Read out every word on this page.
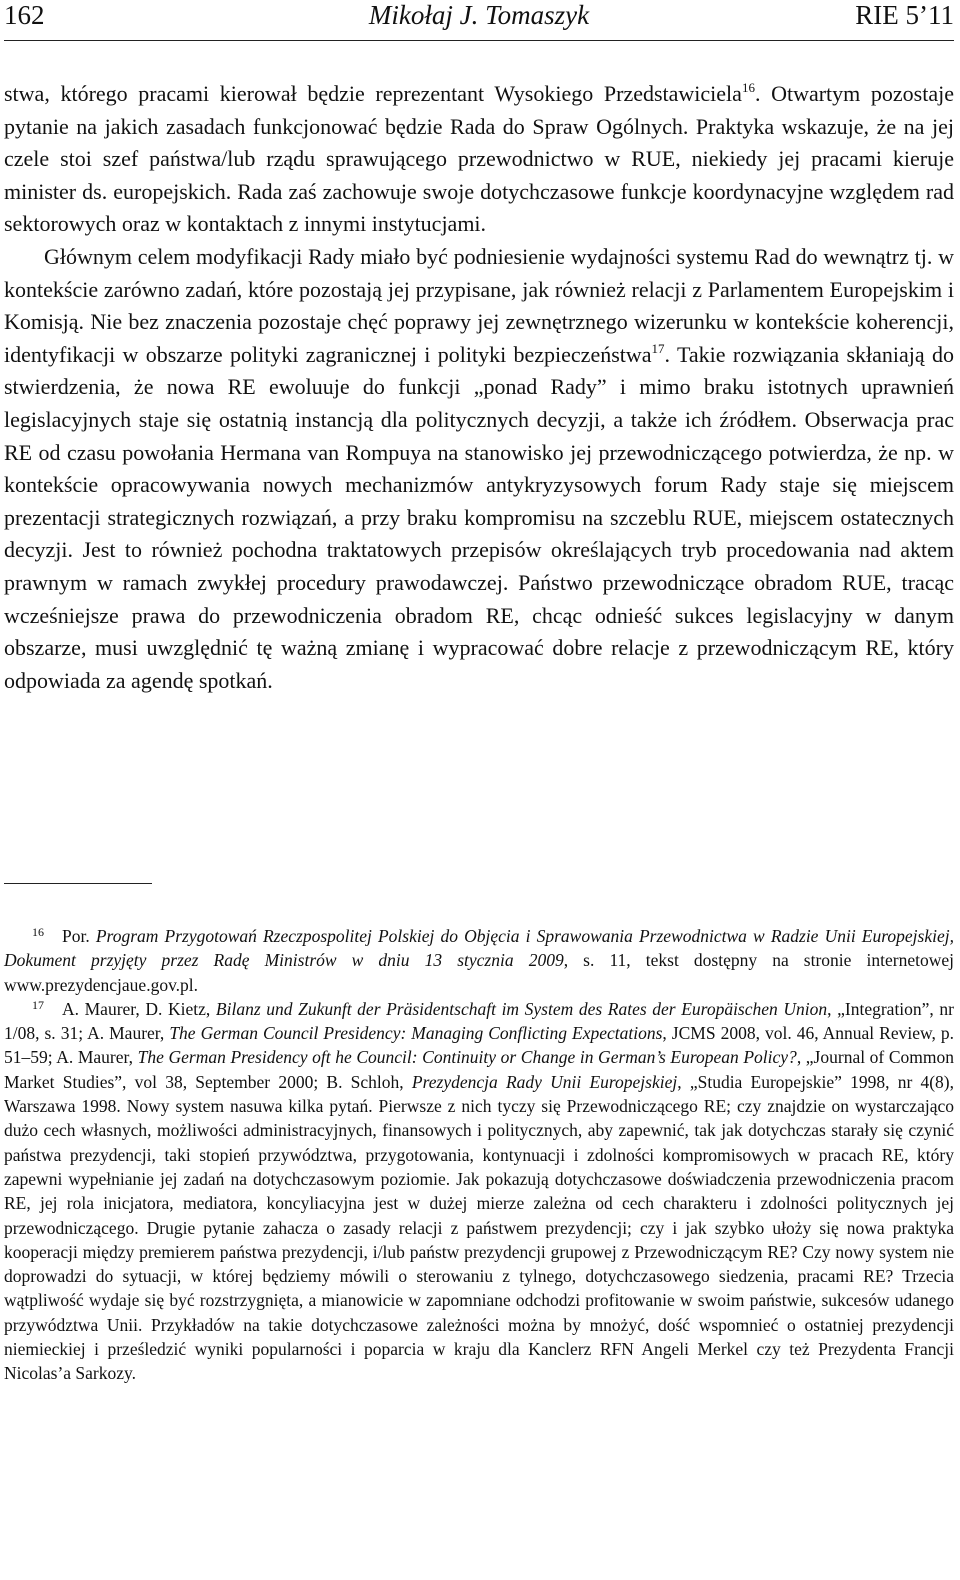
162	Mikołaj J. Tomaszyk	RIE 5’11

stwa, którego pracami kierował będzie reprezentant Wysokiego Przedstawiciela$^{16}$. Otwartym pozostaje pytanie na jakich zasadach funkcjonować będzie Rada do Spraw Ogólnych. Praktyka wskazuje, że na jej czele stoi szef państwa/lub rządu sprawującego przewodnictwo w RUE, niekiedy jej pracami kieruje minister ds. europejskich. Rada zaś zachowuje swoje dotychczasowe funkcje koordynacyjne względem rad sektorowych oraz w kontaktach z innymi instytucjami.

Głównym celem modyfikacji Rady miało być podniesienie wydajności systemu Rad do wewnątrz tj. w kontekście zarówno zadań, które pozostają jej przypisane, jak również relacji z Parlamentem Europejskim i Komisją. Nie bez znaczenia pozostaje chęć poprawy jej zewnętrznego wizerunku w kontekście koherencji, identyfikacji w obszarze polityki zagranicznej i polityki bezpieczeństwa$^{17}$. Takie rozwiązania skłaniają do stwierdzenia, że nowa RE ewoluuje do funkcji „ponad Rady” i mimo braku istotnych uprawnień legislacyjnych staje się ostatnią instancją dla politycznych decyzji, a także ich źródłem. Obserwacja prac RE od czasu powołania Hermana van Rompuya na stanowisko jej przewodniczącego potwierdza, że np. w kontekście opracowywania nowych mechanizmów antykryzysowych forum Rady staje się miejscem prezentacji strategicznych rozwiązań, a przy braku kompromisu na szczeblu RUE, miejscem ostatecznych decyzji. Jest to również pochodna traktatowych przepisów określających tryb procedowania nad aktem prawnym w ramach zwykłej procedury prawodawczej. Państwo przewodniczące obradom RUE, tracąc wcześniejsze prawa do przewodniczenia obradom RE, chcąc odnieść sukces legislacyjny w danym obszarze, musi uwzględnić tę ważną zmianę i wypracować dobre relacje z przewodniczącym RE, który odpowiada za agendę spotkań.

$^{16}$ Por. Program Przygotowań Rzeczpospolitej Polskiej do Objęcia i Sprawowania Przewodnictwa w Radzie Unii Europejskiej, Dokument przyjęty przez Radę Ministrów w dniu 13 stycznia 2009, s. 11, tekst dostępny na stronie internetowej www.prezydencjaue.gov.pl.

$^{17}$ A. Maurer, D. Kietz, Bilanz und Zukunft der Präsidentschaft im System des Rates der Europäischen Union, „Integration”, nr 1/08, s. 31; A. Maurer, The German Council Presidency: Managing Conflicting Expectations, JCMS 2008, vol. 46, Annual Review, p. 51–59; A. Maurer, The German Presidency oft he Council: Continuity or Change in German’s European Policy?, „Journal of Common Market Studies”, vol 38, September 2000; B. Schloh, Prezydencja Rady Unii Europejskiej, „Studia Europejskie” 1998, nr 4(8), Warszawa 1998. Nowy system nasuwa kilka pytań. Pierwsze z nich tyczy się Przewodniczącego RE; czy znajdzie on wystarczająco dużo cech własnych, możliwości administracyjnych, finansowych i politycznych, aby zapewnić, tak jak dotychczas starały się czynić państwa prezydencji, taki stopień przywództwa, przygotowania, kontynuacji i zdolności kompromisowych w pracach RE, który zapewni wypełnianie jej zadań na dotychczasowym poziomie. Jak pokazują dotychczasowe doświadczenia przewodniczenia pracom RE, jej rola inicjatora, mediatora, koncyliacyjna jest w dużej mierze zależna od cech charakteru i zdolności politycznych jej przewodniczącego. Drugie pytanie zahacza o zasady relacji z państwem prezydencji; czy i jak szybko ułoży się nowa praktyka kooperacji między premierem państwa prezydencji, i/lub państw prezydencji grupowej z Przewodniczącym RE? Czy nowy system nie doprowadzi do sytuacji, w której będziemy mówili o sterowaniu z tylnego, dotychczasowego siedzenia, pracami RE? Trzecia wątpliwość wydaje się być rozstrzygnięta, a mianowicie w zapomniane odchodzi profitowanie w swoim państwie, sukcesów udanego przywództwa Unii. Przykładów na takie dotychczasowe zależności można by mnożyć, dość wspomnieć o ostatniej prezydencji niemieckiej i prześledzić wyniki popularności i poparcia w kraju dla Kanclerz RFN Angeli Merkel czy też Prezydenta Francji Nicolas’a Sarkozy.
